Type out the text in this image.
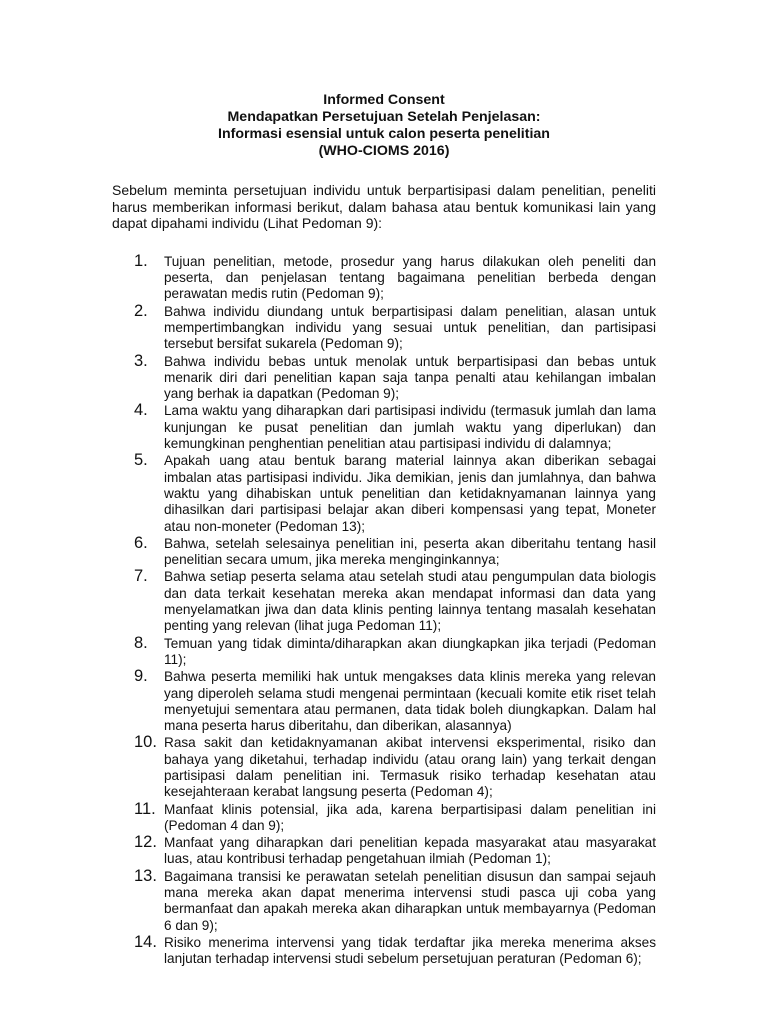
Informed Consent
Mendapatkan Persetujuan Setelah Penjelasan:
Informasi esensial untuk calon peserta penelitian
(WHO-CIOMS 2016)

Sebelum meminta persetujuan individu untuk berpartisipasi dalam penelitian, peneliti harus memberikan informasi berikut, dalam bahasa atau bentuk komunikasi lain yang dapat dipahami individu (Lihat Pedoman 9):

1. Tujuan penelitian, metode, prosedur yang harus dilakukan oleh peneliti dan peserta, dan penjelasan tentang bagaimana penelitian berbeda dengan perawatan medis rutin (Pedoman 9);
2. Bahwa individu diundang untuk berpartisipasi dalam penelitian, alasan untuk mempertimbangkan individu yang sesuai untuk penelitian, dan partisipasi tersebut bersifat sukarela (Pedoman 9);
3. Bahwa individu bebas untuk menolak untuk berpartisipasi dan bebas untuk menarik diri dari penelitian kapan saja tanpa penalti atau kehilangan imbalan yang berhak ia dapatkan (Pedoman 9);
4. Lama waktu yang diharapkan dari partisipasi individu (termasuk jumlah dan lama kunjungan ke pusat penelitian dan jumlah waktu yang diperlukan) dan kemungkinan penghentian penelitian atau partisipasi individu di dalamnya;
5. Apakah uang atau bentuk barang material lainnya akan diberikan sebagai imbalan atas partisipasi individu. Jika demikian, jenis dan jumlahnya, dan bahwa waktu yang dihabiskan untuk penelitian dan ketidaknyamanan lainnya yang dihasilkan dari partisipasi belajar akan diberi kompensasi yang tepat, Moneter atau non-moneter (Pedoman 13);
6. Bahwa, setelah selesainya penelitian ini, peserta akan diberitahu tentang hasil penelitian secara umum, jika mereka menginginkannya;
7. Bahwa setiap peserta selama atau setelah studi atau pengumpulan data biologis dan data terkait kesehatan mereka akan mendapat informasi dan data yang menyelamatkan jiwa dan data klinis penting lainnya tentang masalah kesehatan penting yang relevan (lihat juga Pedoman 11);
8. Temuan yang tidak diminta/diharapkan akan diungkapkan jika terjadi (Pedoman 11);
9. Bahwa peserta memiliki hak untuk mengakses data klinis mereka yang relevan yang diperoleh selama studi mengenai permintaan (kecuali komite etik riset telah menyetujui sementara atau permanen, data tidak boleh diungkapkan. Dalam hal mana peserta harus diberitahu, dan diberikan, alasannya)
10. Rasa sakit dan ketidaknyamanan akibat intervensi eksperimental, risiko dan bahaya yang diketahui, terhadap individu (atau orang lain) yang terkait dengan partisipasi dalam penelitian ini. Termasuk risiko terhadap kesehatan atau kesejahteraan kerabat langsung peserta (Pedoman 4);
11. Manfaat klinis potensial, jika ada, karena berpartisipasi dalam penelitian ini (Pedoman 4 dan 9);
12. Manfaat yang diharapkan dari penelitian kepada masyarakat atau masyarakat luas, atau kontribusi terhadap pengetahuan ilmiah (Pedoman 1);
13. Bagaimana transisi ke perawatan setelah penelitian disusun dan sampai sejauh mana mereka akan dapat menerima intervensi studi pasca uji coba yang bermanfaat dan apakah mereka akan diharapkan untuk membayarnya (Pedoman 6 dan 9);
14. Risiko menerima intervensi yang tidak terdaftar jika mereka menerima akses lanjutan terhadap intervensi studi sebelum persetujuan peraturan (Pedoman 6);
